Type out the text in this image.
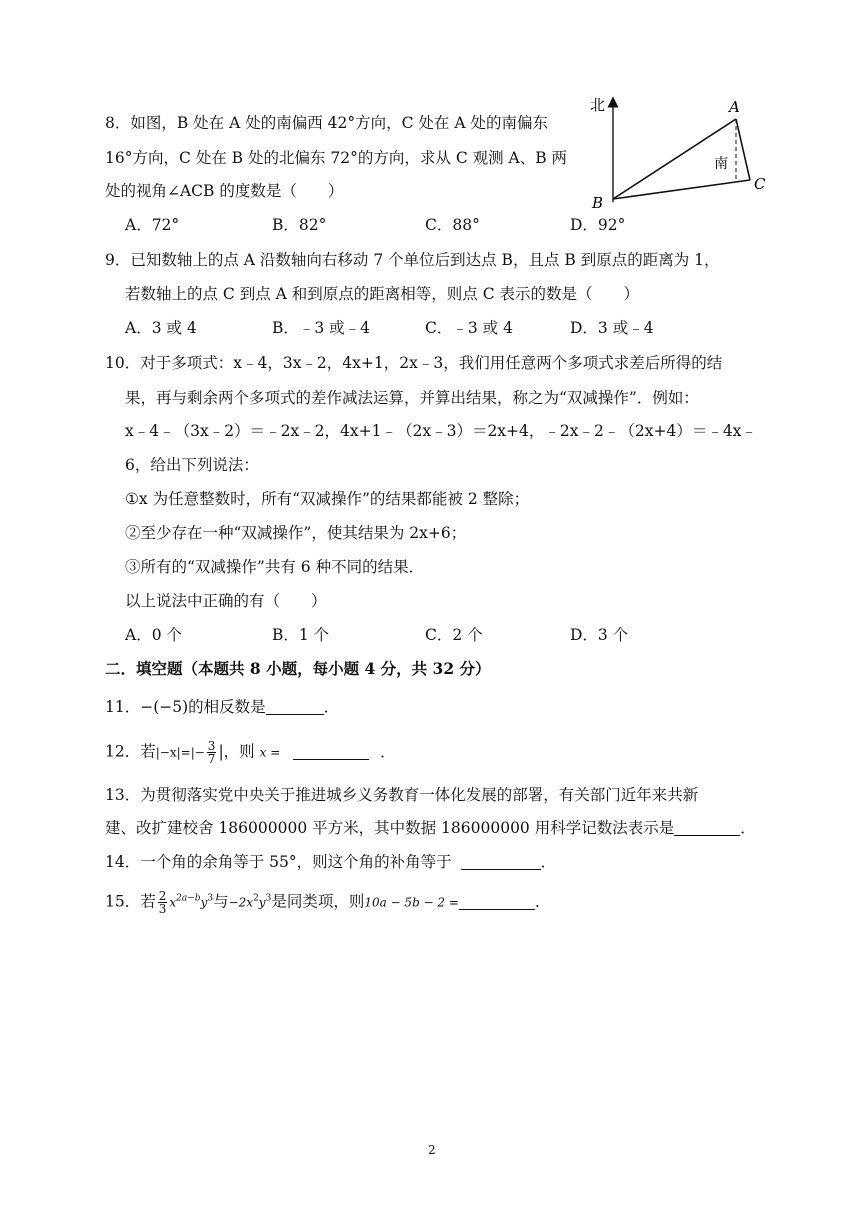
北	A
南
C
B
8．如图，B 处在 A 处的南偏西 42°方向，C 处在 A 处的南偏东
16°方向，C 处在 B 处的北偏东 72°的方向，求从 C 观测 A、B 两
处的视角∠ACB 的度数是（　　）
A．72°	B．82°	C．88°	D．92°
9．已知数轴上的点 A 沿数轴向右移动 7 个单位后到达点 B，且点 B 到原点的距离为 1，
若数轴上的点 C 到点 A 和到原点的距离相等，则点 C 表示的数是（　　）
A．3 或 4	B．﹣3 或﹣4	C．﹣3 或 4	D．3 或﹣4
10．对于多项式：x﹣4，3x﹣2，4x+1，2x﹣3，我们用任意两个多项式求差后所得的结
果，再与剩余两个多项式的差作减法运算，并算出结果，称之为“双减操作”．例如：
x﹣4﹣（3x﹣2）＝﹣2x﹣2，4x+1﹣（2x﹣3）＝2x+4，﹣2x﹣2﹣（2x+4）＝﹣4x﹣
6，给出下列说法：
①x 为任意整数时，所有“双减操作”的结果都能被 2 整除；
②至少存在一种“双减操作”，使其结果为 2x+6；
③所有的“双减操作”共有 6 种不同的结果．
以上说法中正确的有（　　）
A．0 个	B．1 个	C．2 个	D．3 个
二．填空题（本题共 8 小题，每小题 4 分，共 32 分）
11．−(−5)的相反数是	．
12．若$|-x|=|- \frac{3}{7}$ |，则 x =	．
13．为贯彻落实党中央关于推进城乡义务教育一体化发展的部署，有关部门近年来共新
建、改扩建校舍 186000000 平方米，其中数据 186000000 用科学记数法表示是	．
14．一个角的余角等于 55°，则这个角的补角等于	．
15．若 $\frac{2}{3} x^{2a-b}y^3$与$-2x^2y^3$是同类项，则10a − 5b − 2 =	．
2
